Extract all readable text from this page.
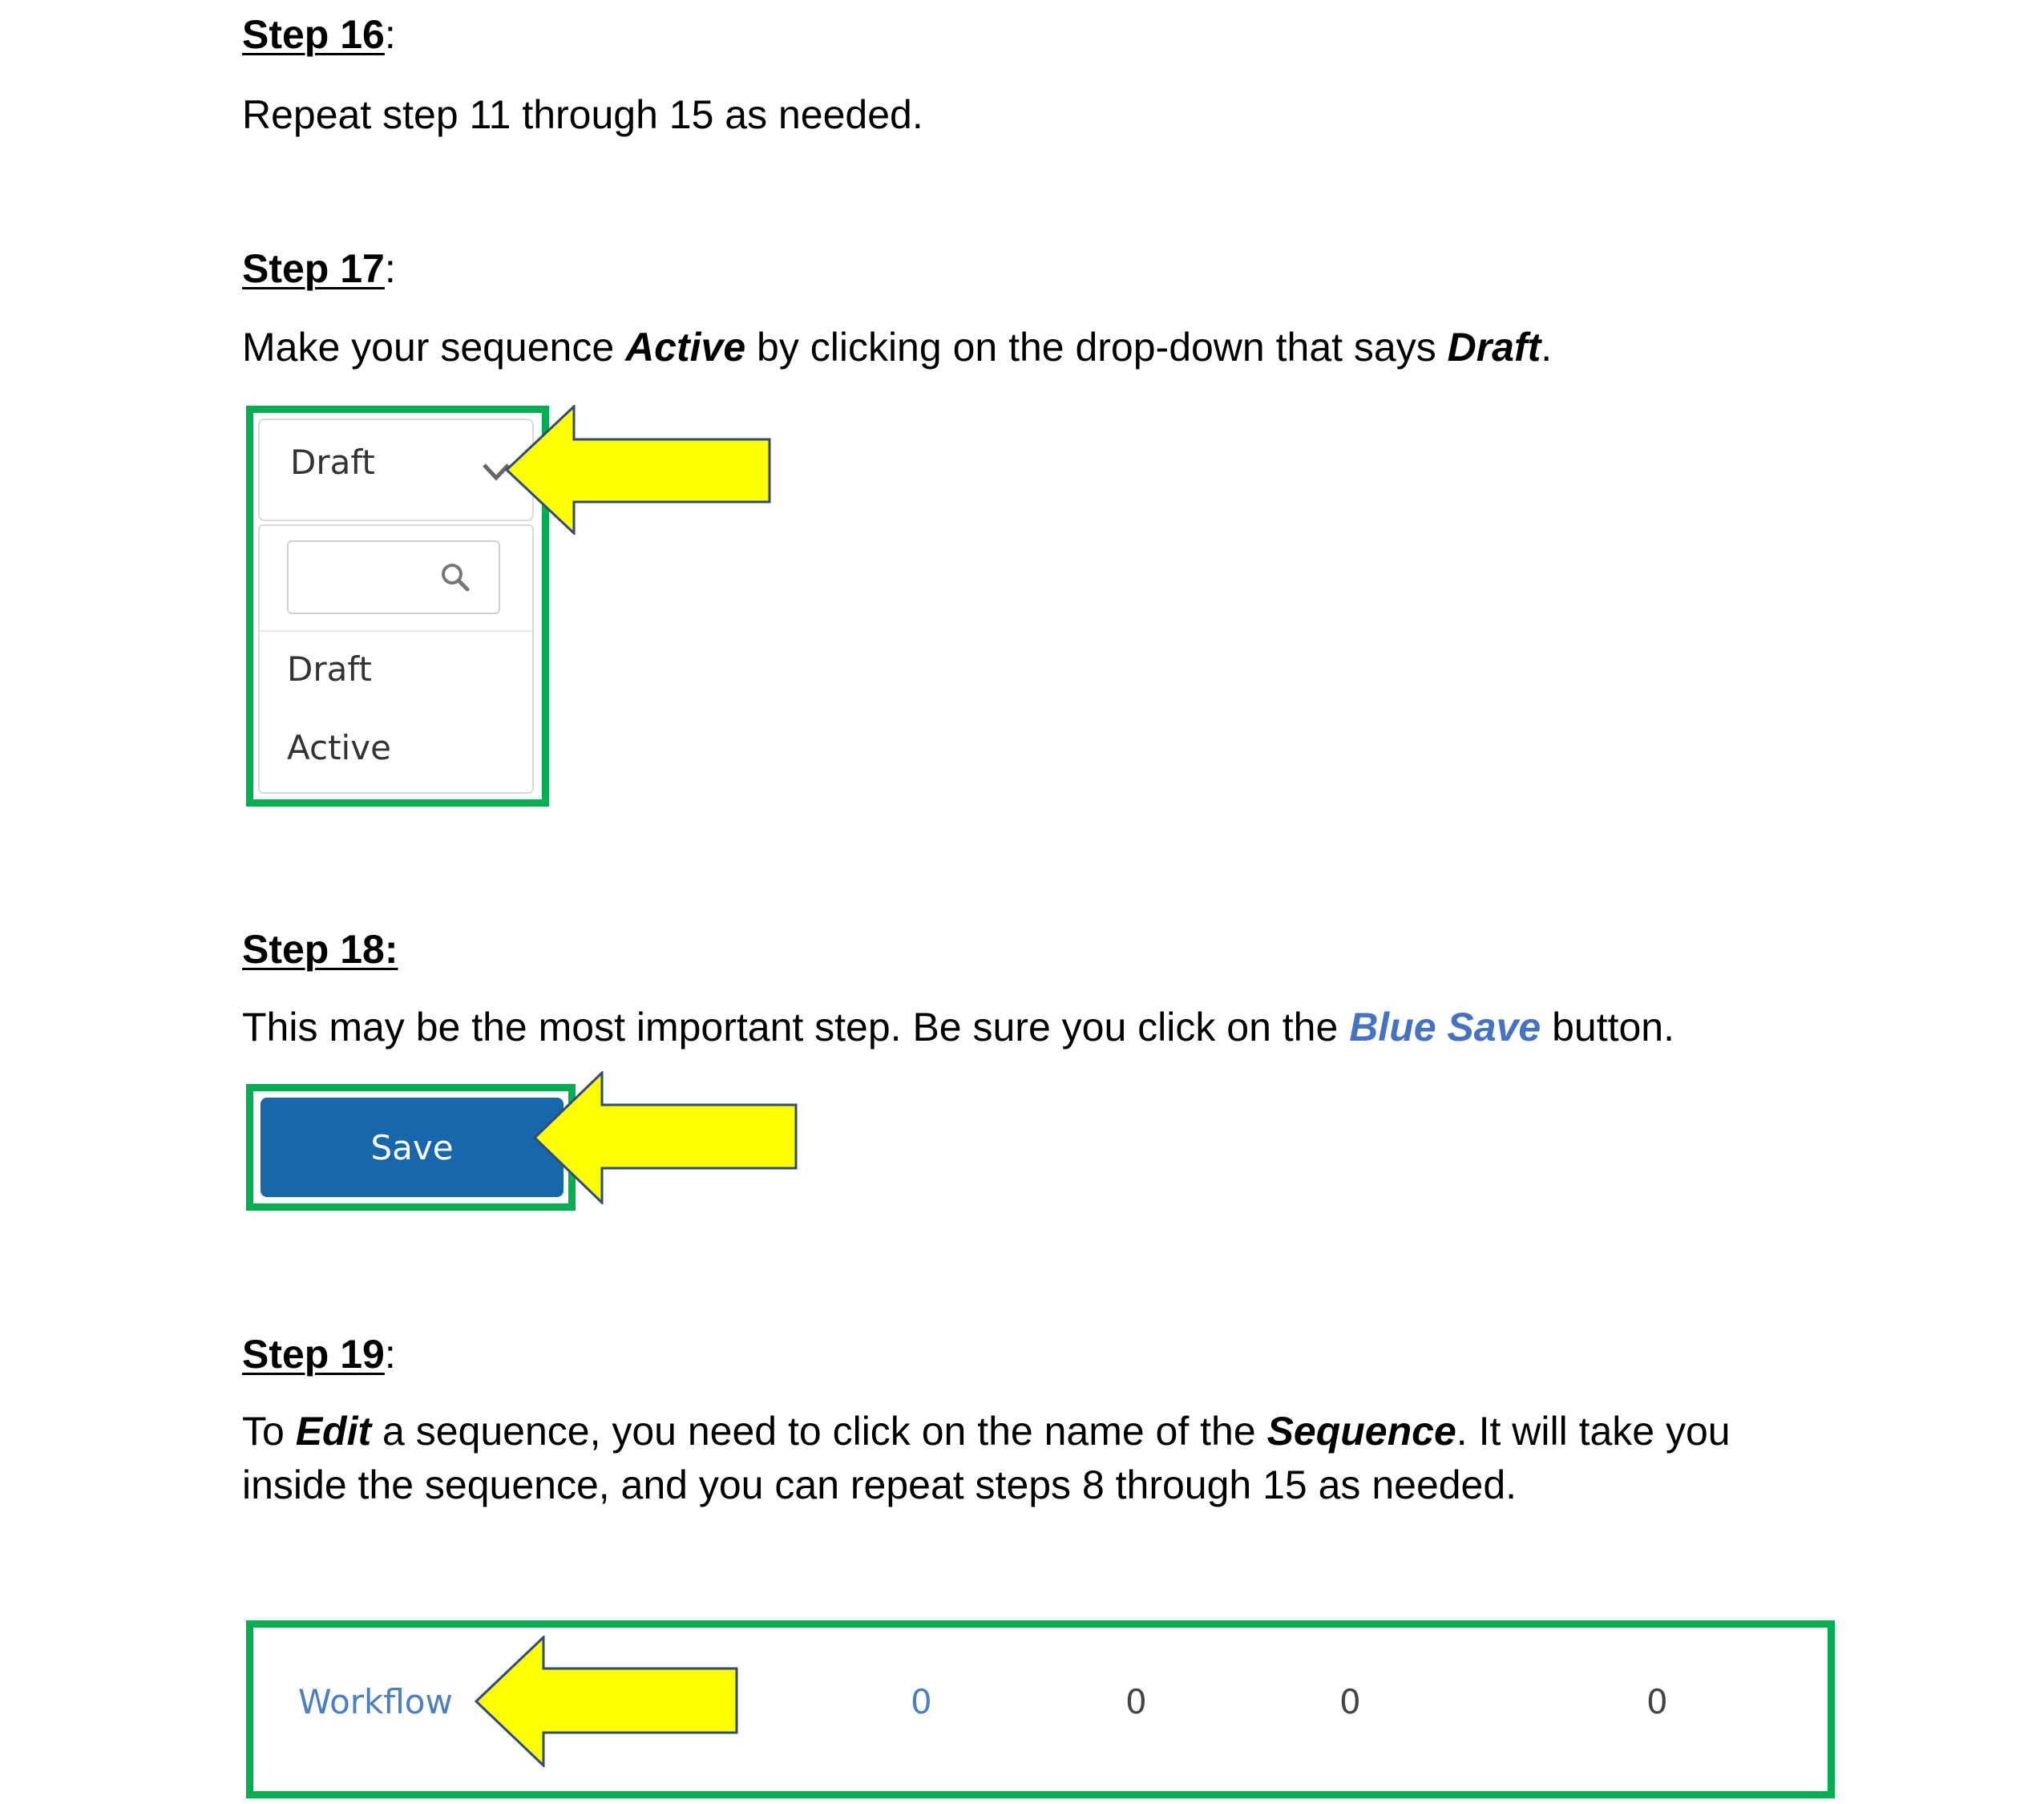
Step 16:
Repeat step 11 through 15 as needed.
Step 17:
Make your sequence Active by clicking on the drop-down that says Draft.
Draft
Draft
Active
Step 18:
This may be the most important step. Be sure you click on the Blue Save button.
Save
Step 19:
To Edit a sequence, you need to click on the name of the Sequence. It will take you
inside the sequence, and you can repeat steps 8 through 15 as needed.
Workflow	0	0	0	0
